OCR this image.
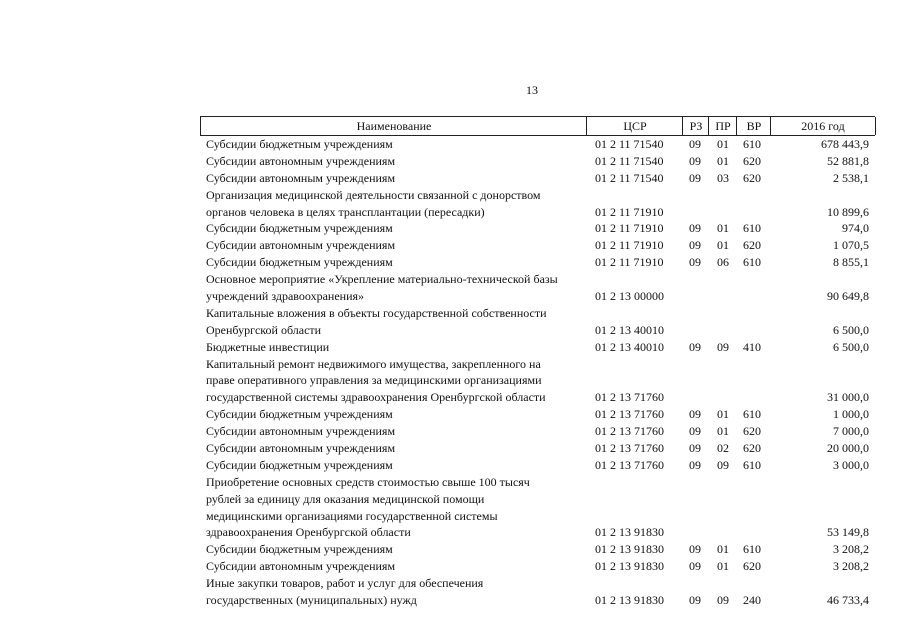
13
Наименование	ЦСР	РЗ	ПР	ВР	2016 год
Субсидии бюджетным учреждениям	01 2 11 71540 09 01 610	678 443,9
Субсидии автономным учреждениям	01 2 11 71540 09 01 620	52 881,8
Субсидии автономным учреждениям	01 2 11 71540 09 03 620	2 538,1
Организация медицинской деятельности связанной с донорством
органов человека в целях трансплантации (пересадки)	01 2 11 71910	10 899,6
Субсидии бюджетным учреждениям	01 2 11 71910 09 01 610	974,0
Субсидии автономным учреждениям	01 2 11 71910 09 01 620	1 070,5
Субсидии бюджетным учреждениям	01 2 11 71910 09 06 610	8 855,1
Основное мероприятие «Укрепление материально-технической базы
учреждений здравоохранения»	01 2 13 00000	90 649,8
Капитальные вложения в объекты государственной собственности
Оренбургской области	01 2 13 40010	6 500,0
Бюджетные инвестиции	01 2 13 40010 09 09 410	6 500,0
Капитальный ремонт недвижимого имущества, закрепленного на
праве оперативного управления за медицинскими организациями
государственной системы здравоохранения Оренбургской области	01 2 13 71760	31 000,0
Субсидии бюджетным учреждениям	01 2 13 71760 09 01 610	1 000,0
Субсидии автономным учреждениям	01 2 13 71760 09 01 620	7 000,0
Субсидии автономным учреждениям	01 2 13 71760 09 02 620	20 000,0
Субсидии бюджетным учреждениям	01 2 13 71760 09 09 610	3 000,0
Приобретение основных средств стоимостью свыше 100 тысяч
рублей за единицу для оказания медицинской помощи
медицинскими организациями государственной системы
здравоохранения Оренбургской области	01 2 13 91830	53 149,8
Субсидии бюджетным учреждениям	01 2 13 91830 09 01 610	3 208,2
Субсидии автономным учреждениям	01 2 13 91830 09 01 620	3 208,2
Иные закупки товаров, работ и услуг для обеспечения
государственных (муниципальных) нужд	01 2 13 91830 09 09 240	46 733,4
